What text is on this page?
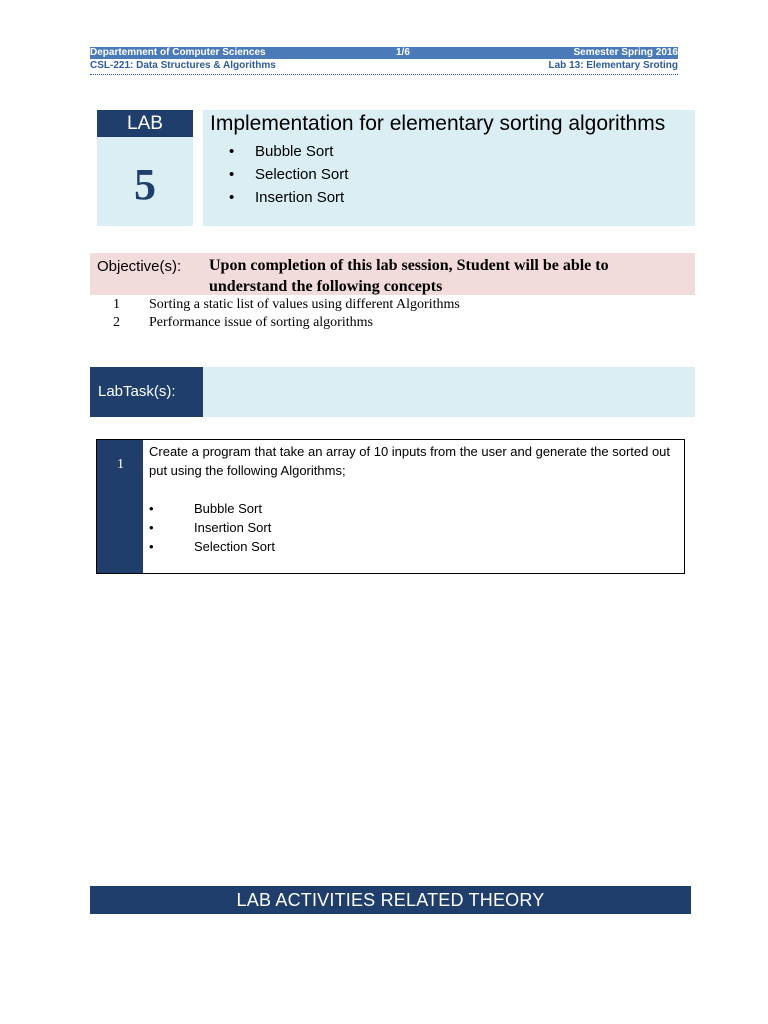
Departemnent of Computer Sciences	1/6	Semester Spring 2016
CSL-221: Data Structures & Algorithms	Lab 13: Elementary Sroting
LAB
5
Implementation for elementary sorting algorithms
• Bubble Sort
• Selection Sort
• Insertion Sort
Objective(s): Upon completion of this lab session, Student will be able to understand the following concepts
1 Sorting a static list of values using different Algorithms
2 Performance issue of sorting algorithms
LabTask(s):
1
Create a program that take an array of 10 inputs from the user and generate the sorted out put using the following Algorithms;
•	Bubble Sort
•	Insertion Sort
•	Selection Sort
LAB ACTIVITIES RELATED THEORY
